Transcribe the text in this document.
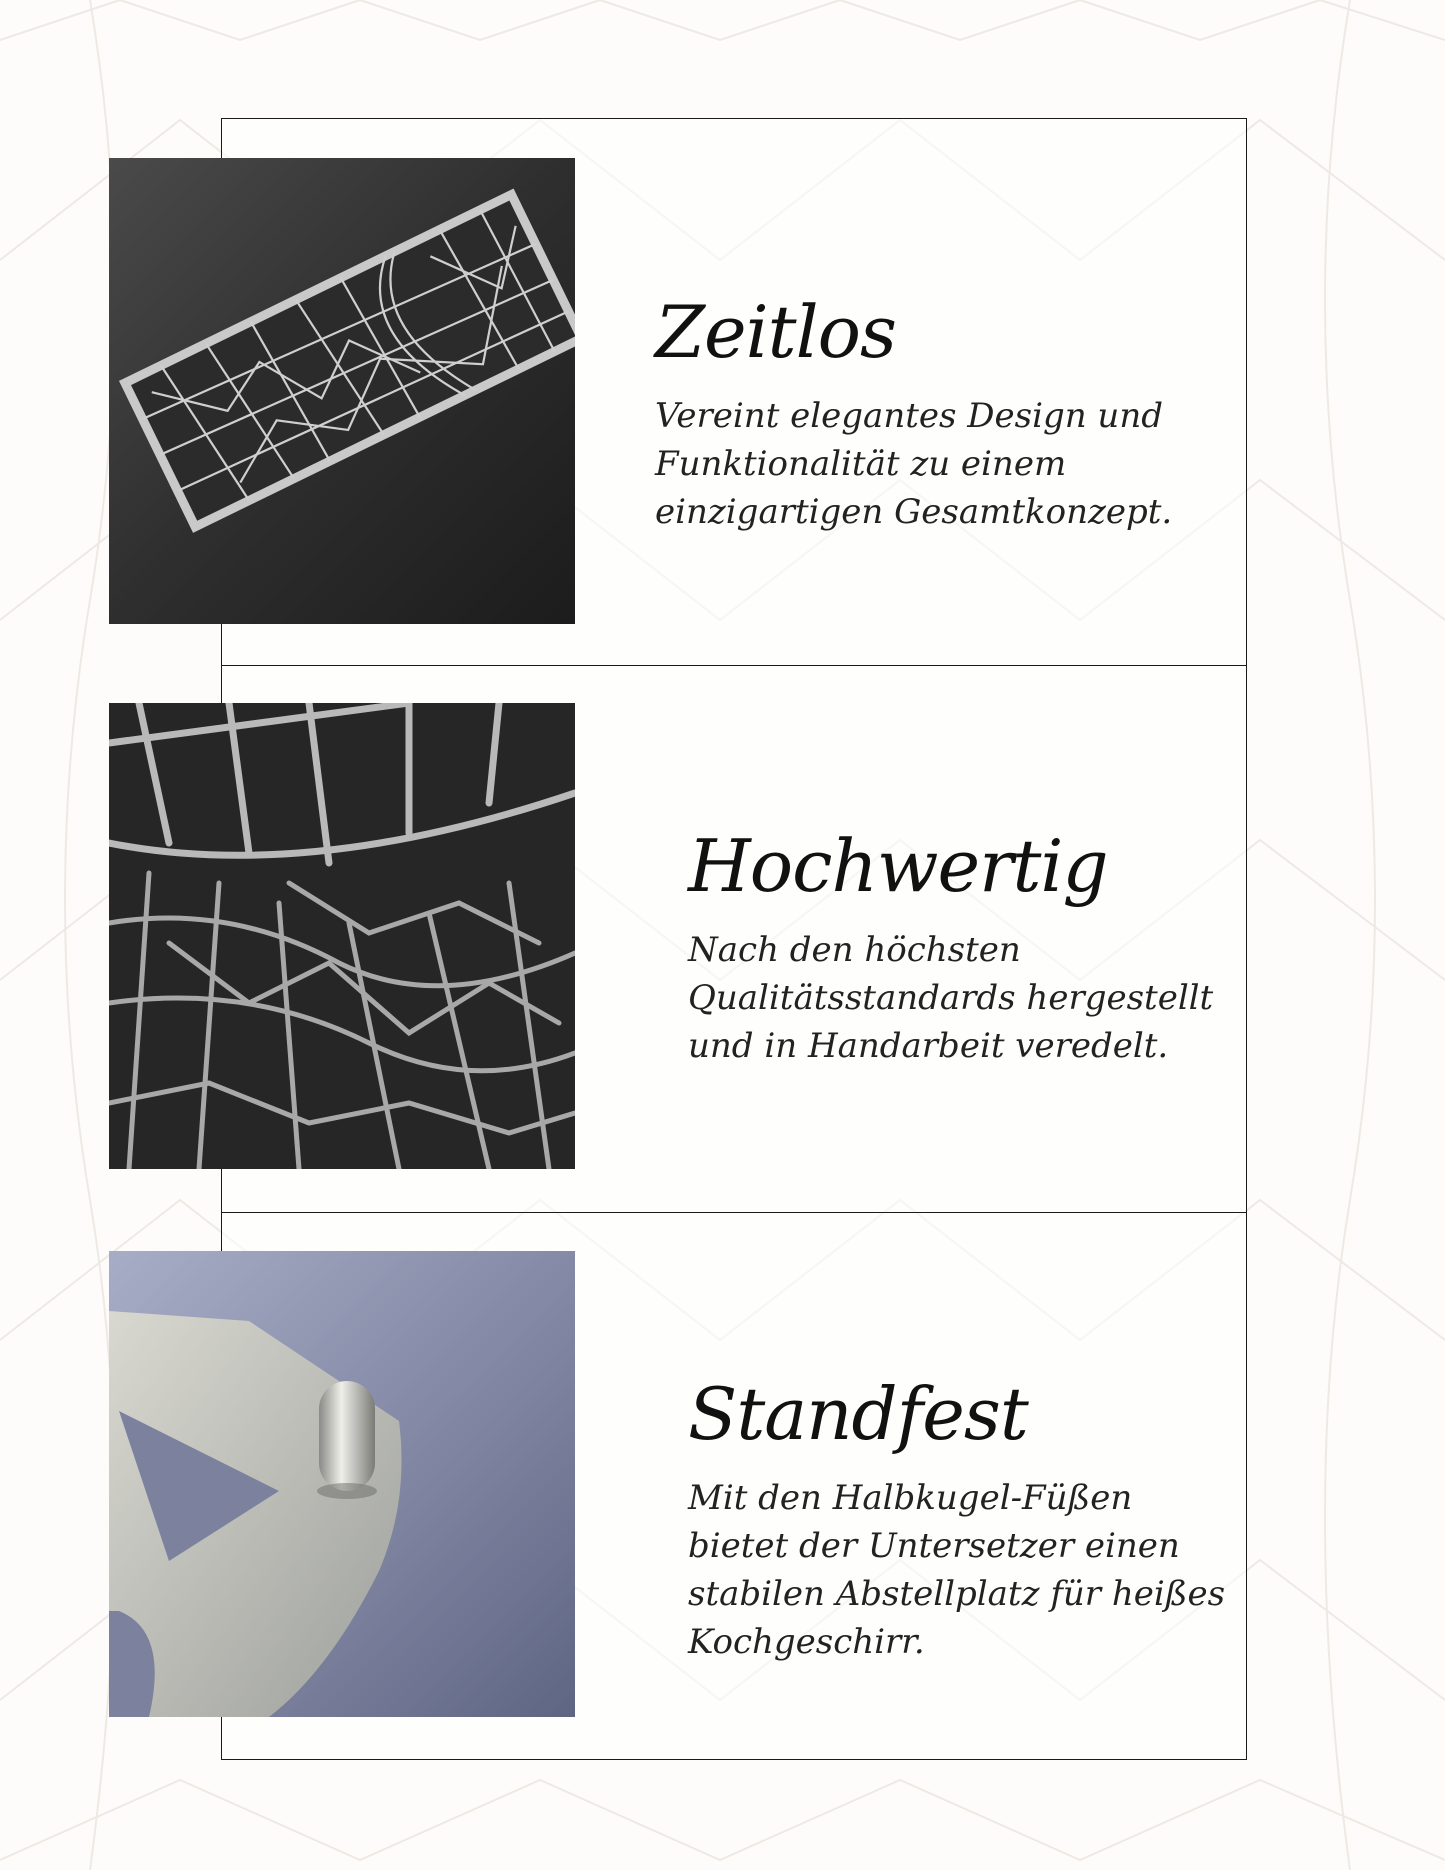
Zeitlos

Vereint elegantes Design und
Funktionalität zu einem
einzigartigen Gesamtkonzept.

Hochwertig

Nach den höchsten
Qualitätsstandards hergestellt
und in Handarbeit veredelt.

Standfest

Mit den Halbkugel-Füßen
bietet der Untersetzer einen
stabilen Abstellplatz für heißes
Kochgeschirr.
